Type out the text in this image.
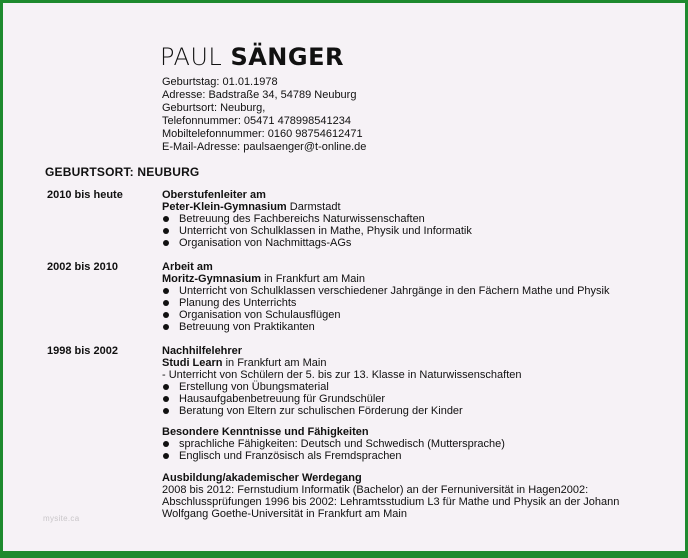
PAUL SÄNGER
Geburtstag: 01.01.1978
Adresse: Badstraße 34, 54789 Neuburg
Geburtsort: Neuburg,
Telefonnummer: 05471 478998541234
Mobiltelefonnummer: 0160 98754612471
E-Mail-Adresse: paulsaenger@t-online.de
GEBURTSORT: NEUBURG
2010 bis heute	Oberstufenleiter am
Peter-Klein-Gymnasium Darmstadt
Betreuung des Fachbereichs Naturwissenschaften
Unterricht von Schulklassen in Mathe, Physik und Informatik
Organisation von Nachmittags-AGs
2002 bis 2010	Arbeit am
Moritz-Gymnasium in Frankfurt am Main
Unterricht von Schulklassen verschiedener Jahrgänge in den Fächern Mathe und Physik
Planung des Unterrichts
Organisation von Schulausflügen
Betreuung von Praktikanten
1998 bis 2002	Nachhilfelehrer
Studi Learn in Frankfurt am Main
- Unterricht von Schülern der 5. bis zur 13. Klasse in Naturwissenschaften
Erstellung von Übungsmaterial
Hausaufgabenbetreuung für Grundschüler
Beratung von Eltern zur schulischen Förderung der Kinder
Besondere Kenntnisse und Fähigkeiten
sprachliche Fähigkeiten: Deutsch und Schwedisch (Muttersprache)
Englisch und Französisch als Fremdsprachen
Ausbildung/akademischer Werdegang
2008 bis 2012: Fernstudium Informatik (Bachelor) an der Fernuniversität in Hagen2002:
Abschlussprüfungen 1996 bis 2002: Lehramtsstudium L3 für Mathe und Physik an der Johann
Wolfgang Goethe-Universität in Frankfurt am Main
mysite.ca
